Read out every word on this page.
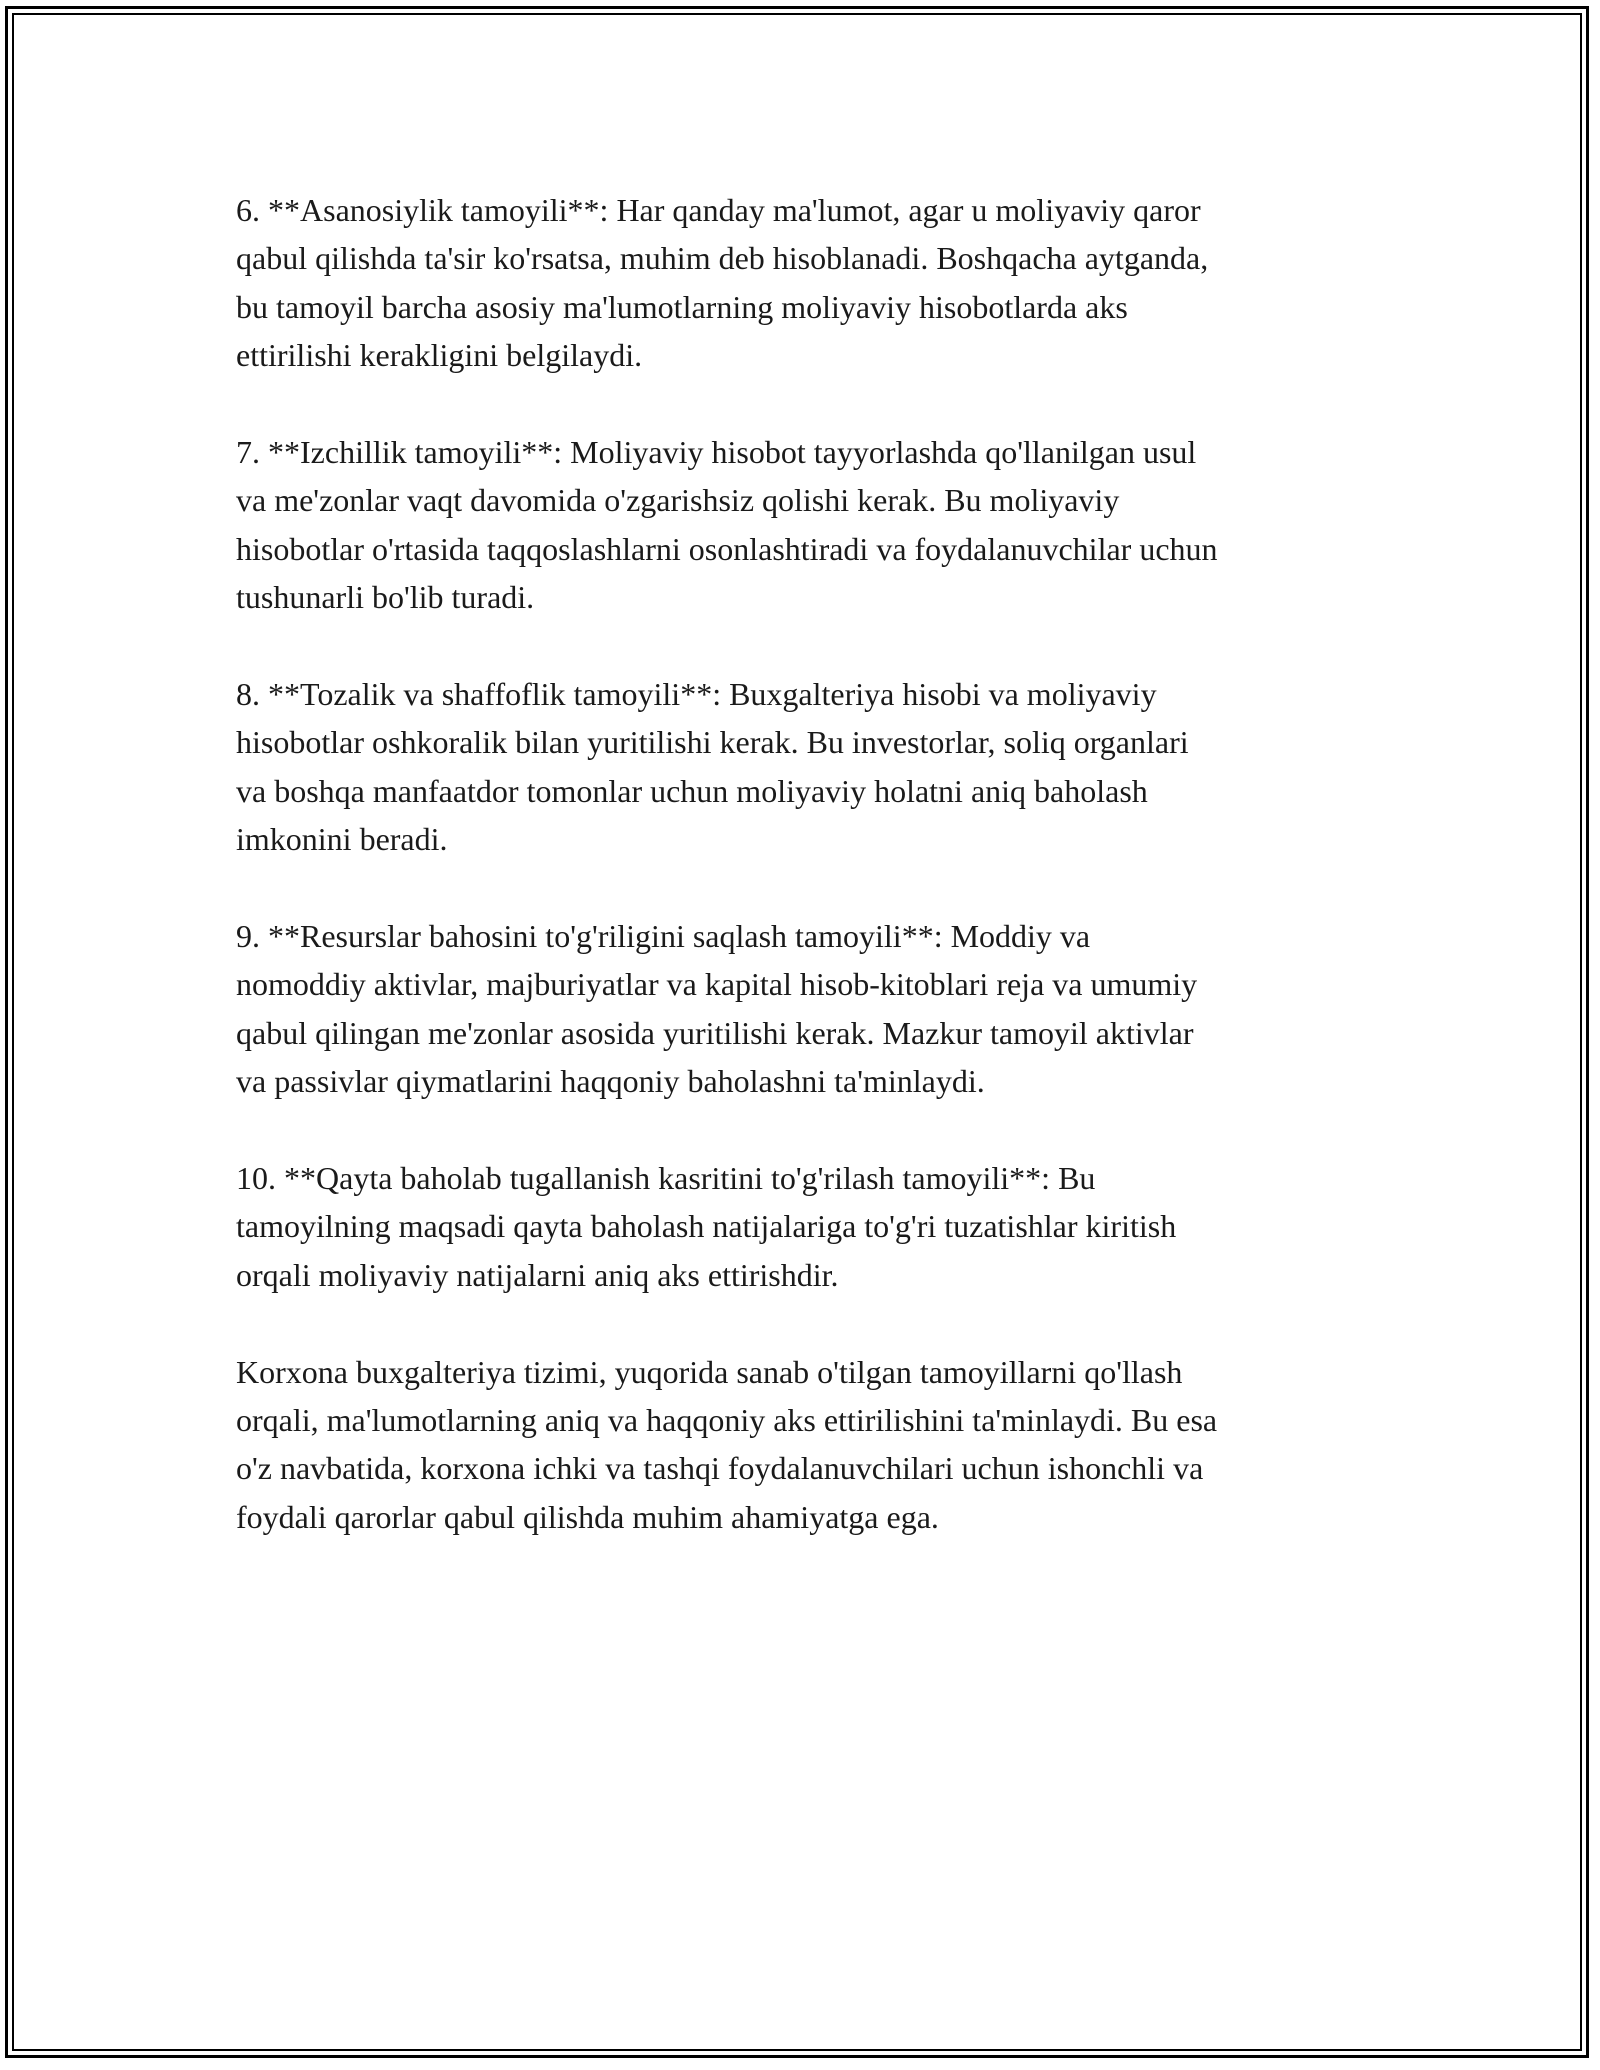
6. **Asanosiylik tamoyili**: Har qanday ma'lumot, agar u moliyaviy qaror
qabul qilishda ta'sir ko'rsatsa, muhim deb hisoblanadi. Boshqacha aytganda,
bu tamoyil barcha asosiy ma'lumotlarning moliyaviy hisobotlarda aks
ettirilishi kerakligini belgilaydi.
7. **Izchillik tamoyili**: Moliyaviy hisobot tayyorlashda qo'llanilgan usul
va me'zonlar vaqt davomida o'zgarishsiz qolishi kerak. Bu moliyaviy
hisobotlar o'rtasida taqqoslashlarni osonlashtiradi va foydalanuvchilar uchun
tushunarli bo'lib turadi.
8. **Tozalik va shaffoflik tamoyili**: Buxgalteriya hisobi va moliyaviy
hisobotlar oshkoralik bilan yuritilishi kerak. Bu investorlar, soliq organlari
va boshqa manfaatdor tomonlar uchun moliyaviy holatni aniq baholash
imkonini beradi.
9. **Resurslar bahosini to'g'riligini saqlash tamoyili**: Moddiy va
nomoddiy aktivlar, majburiyatlar va kapital hisob-kitoblari reja va umumiy
qabul qilingan me'zonlar asosida yuritilishi kerak. Mazkur tamoyil aktivlar
va passivlar qiymatlarini haqqoniy baholashni ta'minlaydi.
10. **Qayta baholab tugallanish kasritini to'g'rilash tamoyili**: Bu
tamoyilning maqsadi qayta baholash natijalariga to'g'ri tuzatishlar kiritish
orqali moliyaviy natijalarni aniq aks ettirishdir.
Korxona buxgalteriya tizimi, yuqorida sanab o'tilgan tamoyillarni qo'llash
orqali, ma'lumotlarning aniq va haqqoniy aks ettirilishini ta'minlaydi. Bu esa
o'z navbatida, korxona ichki va tashqi foydalanuvchilari uchun ishonchli va
foydali qarorlar qabul qilishda muhim ahamiyatga ega.
